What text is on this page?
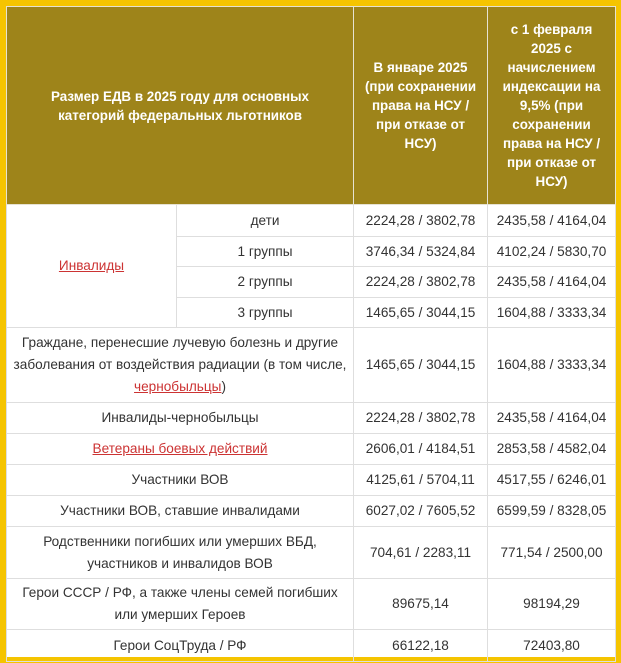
Размер ЕДВ в 2025 году для основных категорий федеральных льготников		В январе 2025 (при сохранении права на НСУ / при отказе от НСУ)	с 1 февраля 2025 с начислением индексации на 9,5% (при сохранении права на НСУ / при отказе от НСУ)
Инвалиды	дети	2224,28 / 3802,78	2435,58 / 4164,04
	1 группы	3746,34 / 5324,84	4102,24 / 5830,70
	2 группы	2224,28 / 3802,78	2435,58 / 4164,04
	3 группы	1465,65 / 3044,15	1604,88 / 3333,34
Граждане, перенесшие лучевую болезнь и другие заболевания от воздействия радиации (в том числе, чернобыльцы)		1465,65 / 3044,15	1604,88 / 3333,34
Инвалиды-чернобыльцы		2224,28 / 3802,78	2435,58 / 4164,04
Ветераны боевых действий		2606,01 / 4184,51	2853,58 / 4582,04
Участники ВОВ		4125,61 / 5704,11	4517,55 / 6246,01
Участники ВОВ, ставшие инвалидами		6027,02 / 7605,52	6599,59 / 8328,05
Родственники погибших или умерших ВБД, участников и инвалидов ВОВ		704,61 / 2283,11	771,54 / 2500,00
Герои СССР / РФ, а также члены семей погибших или умерших Героев		89675,14	98194,29
Герои СоцТруда / РФ		66122,18	72403,80
